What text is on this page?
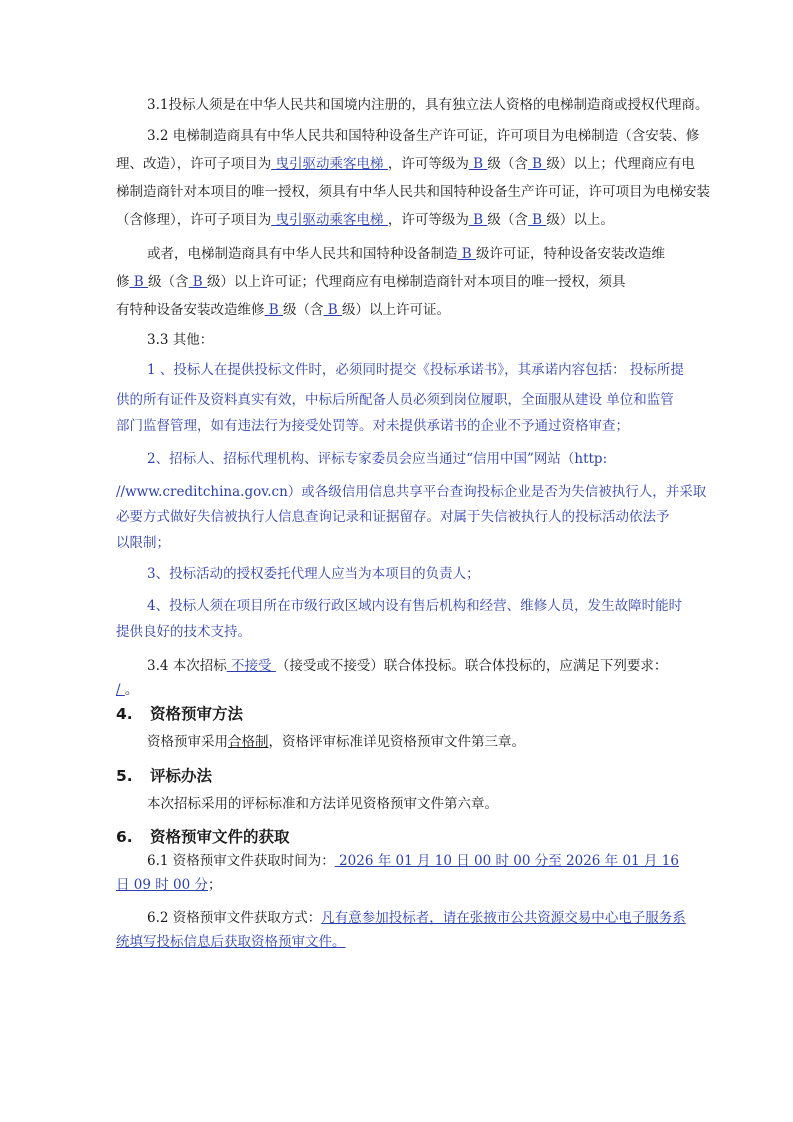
3.1投标人须是在中华人民共和国境内注册的，具有独立法人资格的电梯制造商或授权代理商。
3.2 电梯制造商具有中华人民共和国特种设备生产许可证，许可项目为电梯制造（含安装、修
理、改造），许可子项目为 曳引驱动乘客电梯 ，许可等级为 B 级（含 B 级）以上；代理商应有电
梯制造商针对本项目的唯一授权，须具有中华人民共和国特种设备生产许可证，许可项目为电梯安装
（含修理），许可子项目为 曳引驱动乘客电梯 ，许可等级为 B 级（含 B 级）以上。
或者，电梯制造商具有中华人民共和国特种设备制造 B 级许可证，特种设备安装改造维
修 B 级（含 B 级）以上许可证；代理商应有电梯制造商针对本项目的唯一授权，须具
有特种设备安装改造维修 B 级（含 B 级）以上许可证。
3.3 其他：
1 、投标人在提供投标文件时，必须同时提交《投标承诺书》，其承诺内容包括： 投标所提
供的所有证件及资料真实有效，中标后所配备人员必须到岗位履职，全面服从建设 单位和监管
部门监督管理，如有违法行为接受处罚等。对未提供承诺书的企业不予通过资格审查；
2、招标人、招标代理机构、评标专家委员会应当通过“信用中国”网站（http:
//www.creditchina.gov.cn）或各级信用信息共享平台查询投标企业是否为失信被执行人，并采取
必要方式做好失信被执行人信息查询记录和证据留存。对属于失信被执行人的投标活动依法予
以限制；
3、投标活动的授权委托代理人应当为本项目的负责人；
4、投标人须在项目所在市级行政区域内设有售后机构和经营、维修人员，发生故障时能时
提供良好的技术支持。
3.4 本次招标 不接受 （接受或不接受）联合体投标。联合体投标的，应满足下列要求：
/ 。
4. 资格预审方法
资格预审采用合格制，资格评审标准详见资格预审文件第三章。
5. 评标办法
本次招标采用的评标标准和方法详见资格预审文件第六章。
6. 资格预审文件的获取
6.1 资格预审文件获取时间为： 2026 年 01 月 10 日 00 时 00 分至 2026 年 01 月 16
日 09 时 00 分；
6.2 资格预审文件获取方式：凡有意参加投标者，请在张掖市公共资源交易中心电子服务系
统填写投标信息后获取资格预审文件。
